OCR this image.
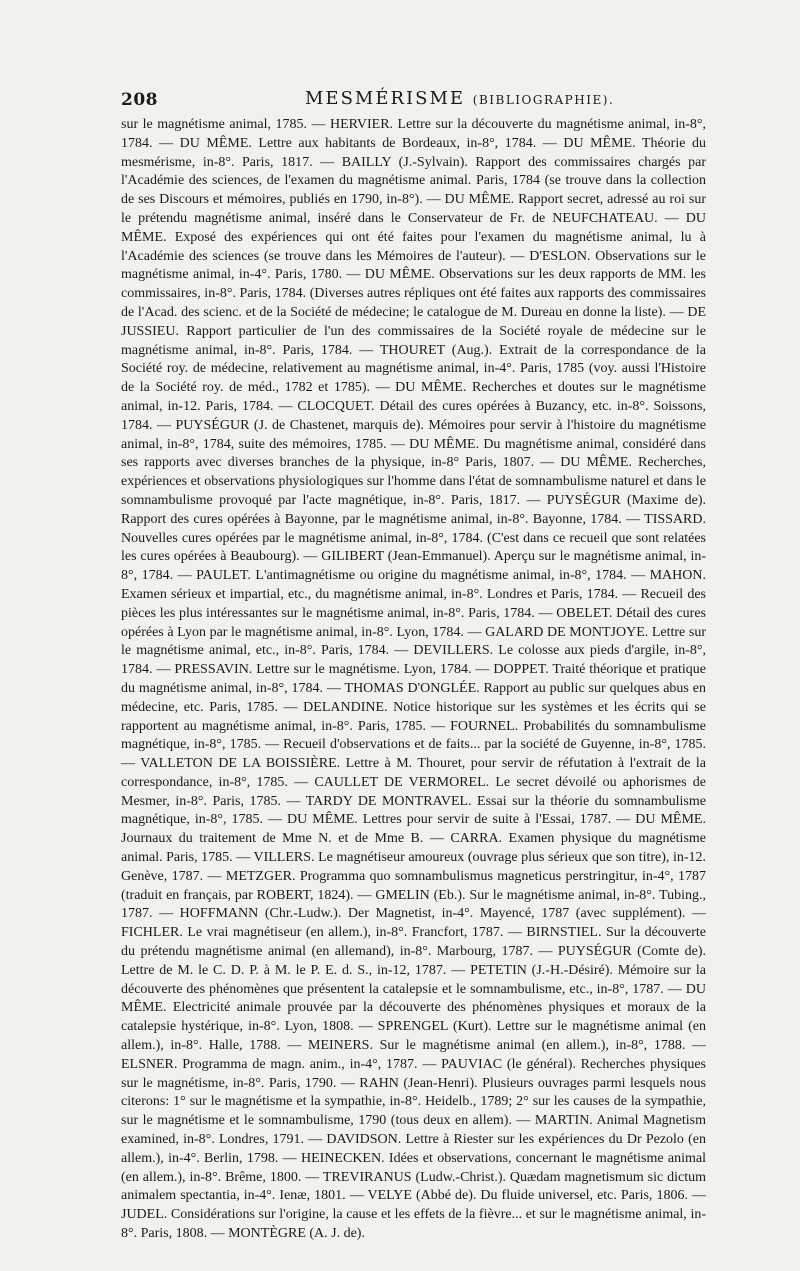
208	MESMÉRISME (BIBLIOGRAPHIE).

sur le magnétisme animal, 1785. — HERVIER. Lettre sur la découverte du magnétisme animal, in-8°, 1784. — DU MÊME. Lettre aux habitants de Bordeaux, in-8°, 1784. — DU MÊME. Théorie du mesmérisme, in-8°. Paris, 1817. — BAILLY (J.-Sylvain). Rapport des commissaires chargés par l'Académie des sciences, de l'examen du magnétisme animal. Paris, 1784 (se trouve dans la collection de ses Discours et mémoires, publiés en 1790, in-8°). — DU MÊME. Rapport secret, adressé au roi sur le prétendu magnétisme animal, inséré dans le Conservateur de Fr. de NEUFCHATEAU. — DU MÊME. Exposé des expériences qui ont été faites pour l'examen du magnétisme animal, lu à l'Académie des sciences (se trouve dans les Mémoires de l'auteur). — D'ESLON. Observations sur le magnétisme animal, in-4°. Paris, 1780. — DU MÊME. Observations sur les deux rapports de MM. les commissaires, in-8°. Paris, 1784. (Diverses autres répliques ont été faites aux rapports des commissaires de l'Acad. des scienc. et de la Société de médecine; le catalogue de M. Dureau en donne la liste). — DE JUSSIEU. Rapport particulier de l'un des commissaires de la Société royale de médecine sur le magnétisme animal, in-8°. Paris, 1784. — THOURET (Aug.). Extrait de la correspondance de la Société roy. de médecine, relativement au magnétisme animal, in-4°. Paris, 1785 (voy. aussi l'Histoire de la Société roy. de méd., 1782 et 1785). — DU MÊME. Recherches et doutes sur le magnétisme animal, in-12. Paris, 1784. — CLOCQUET. Détail des cures opérées à Buzancy, etc. in-8°. Soissons, 1784. — PUYSÉGUR (J. de Chastenet, marquis de). Mémoires pour servir à l'histoire du magnétisme animal, in-8°, 1784, suite des mémoires, 1785. — DU MÊME. Du magnétisme animal, considéré dans ses rapports avec diverses branches de la physique, in-8° Paris, 1807. — DU MÊME. Recherches, expériences et observations physiologiques sur l'homme dans l'état de somnambulisme naturel et dans le somnambulisme provoqué par l'acte magnétique, in-8°. Paris, 1817. — PUYSÉGUR (Maxime de). Rapport des cures opérées à Bayonne, par le magnétisme animal, in-8°. Bayonne, 1784. — TISSARD. Nouvelles cures opérées par le magnétisme animal, in-8°, 1784. (C'est dans ce recueil que sont relatées les cures opérées à Beaubourg). — GILIBERT (Jean-Emmanuel). Aperçu sur le magnétisme animal, in-8°, 1784. — PAULET. L'antimagnétisme ou origine du magnétisme animal, in-8°, 1784. — MAHON. Examen sérieux et impartial, etc., du magnétisme animal, in-8°. Londres et Paris, 1784. — Recueil des pièces les plus intéressantes sur le magnétisme animal, in-8°. Paris, 1784. — OBELET. Détail des cures opérées à Lyon par le magnétisme animal, in-8°. Lyon, 1784. — GALARD DE MONTJOYE. Lettre sur le magnétisme animal, etc., in-8°. Paris, 1784. — DEVILLERS. Le colosse aux pieds d'argile, in-8°, 1784. — PRESSAVIN. Lettre sur le magnétisme. Lyon, 1784. — DOPPET. Traité théorique et pratique du magnétisme animal, in-8°, 1784. — THOMAS D'ONGLÉE. Rapport au public sur quelques abus en médecine, etc. Paris, 1785. — DELANDINE. Notice historique sur les systèmes et les écrits qui se rapportent au magnétisme animal, in-8°. Paris, 1785. — FOURNEL. Probabilités du somnambulisme magnétique, in-8°, 1785. — Recueil d'observations et de faits... par la société de Guyenne, in-8°, 1785. — VALLETON DE LA BOISSIÈRE. Lettre à M. Thouret, pour servir de réfutation à l'extrait de la correspondance, in-8°, 1785. — CAULLET DE VERMOREL. Le secret dévoilé ou aphorismes de Mesmer, in-8°. Paris, 1785. — TARDY DE MONTRAVEL. Essai sur la théorie du somnambulisme magnétique, in-8°, 1785. — DU MÊME. Lettres pour servir de suite à l'Essai, 1787. — DU MÊME. Journaux du traitement de Mme N. et de Mme B. — CARRA. Examen physique du magnétisme animal. Paris, 1785. — VILLERS. Le magnétiseur amoureux (ouvrage plus sérieux que son titre), in-12. Genève, 1787. — METZGER. Programma quo somnambulismus magneticus perstringitur, in-4°, 1787 (traduit en français, par ROBERT, 1824). — GMELIN (Eb.). Sur le magnétisme animal, in-8°. Tubing., 1787. — HOFFMANN (Chr.-Ludw.). Der Magnetist, in-4°. Mayencé, 1787 (avec supplément). — FICHLER. Le vrai magnétiseur (en allem.), in-8°. Francfort, 1787. — BIRNSTIEL. Sur la découverte du prétendu magnétisme animal (en allemand), in-8°. Marbourg, 1787. — PUYSÉGUR (Comte de). Lettre de M. le C. D. P. à M. le P. E. d. S., in-12, 1787. — PETETIN (J.-H.-Désiré). Mémoire sur la découverte des phénomènes que présentent la catalepsie et le somnambulisme, etc., in-8°, 1787. — DU MÊME. Electricité animale prouvée par la découverte des phénomènes physiques et moraux de la catalepsie hystérique, in-8°. Lyon, 1808. — SPRENGEL (Kurt). Lettre sur le magnétisme animal (en allem.), in-8°. Halle, 1788. — MEINERS. Sur le magnétisme animal (en allem.), in-8°, 1788. — ELSNER. Programma de magn. anim., in-4°, 1787. — PAUVIAC (le général). Recherches physiques sur le magnétisme, in-8°. Paris, 1790. — RAHN (Jean-Henri). Plusieurs ouvrages parmi lesquels nous citerons: 1° sur le magnétisme et la sympathie, in-8°. Heidelb., 1789; 2° sur les causes de la sympathie, sur le magnétisme et le somnambulisme, 1790 (tous deux en allem). — MARTIN. Animal Magnetism examined, in-8°. Londres, 1791. — DAVIDSON. Lettre à Riester sur les expériences du Dr Pezolo (en allem.), in-4°. Berlin, 1798. — HEINECKEN. Idées et observations, concernant le magnétisme animal (en allem.), in-8°. Brême, 1800. — TREVIRANUS (Ludw.-Christ.). Quædam magnetismum sic dictum animalem spectantia, in-4°. Ienæ, 1801. — VELYE (Abbé de). Du fluide universel, etc. Paris, 1806. — JUDEL. Considérations sur l'origine, la cause et les effets de la fièvre... et sur le magnétisme animal, in-8°. Paris, 1808. — MONTÈGRE (A. J. de).
